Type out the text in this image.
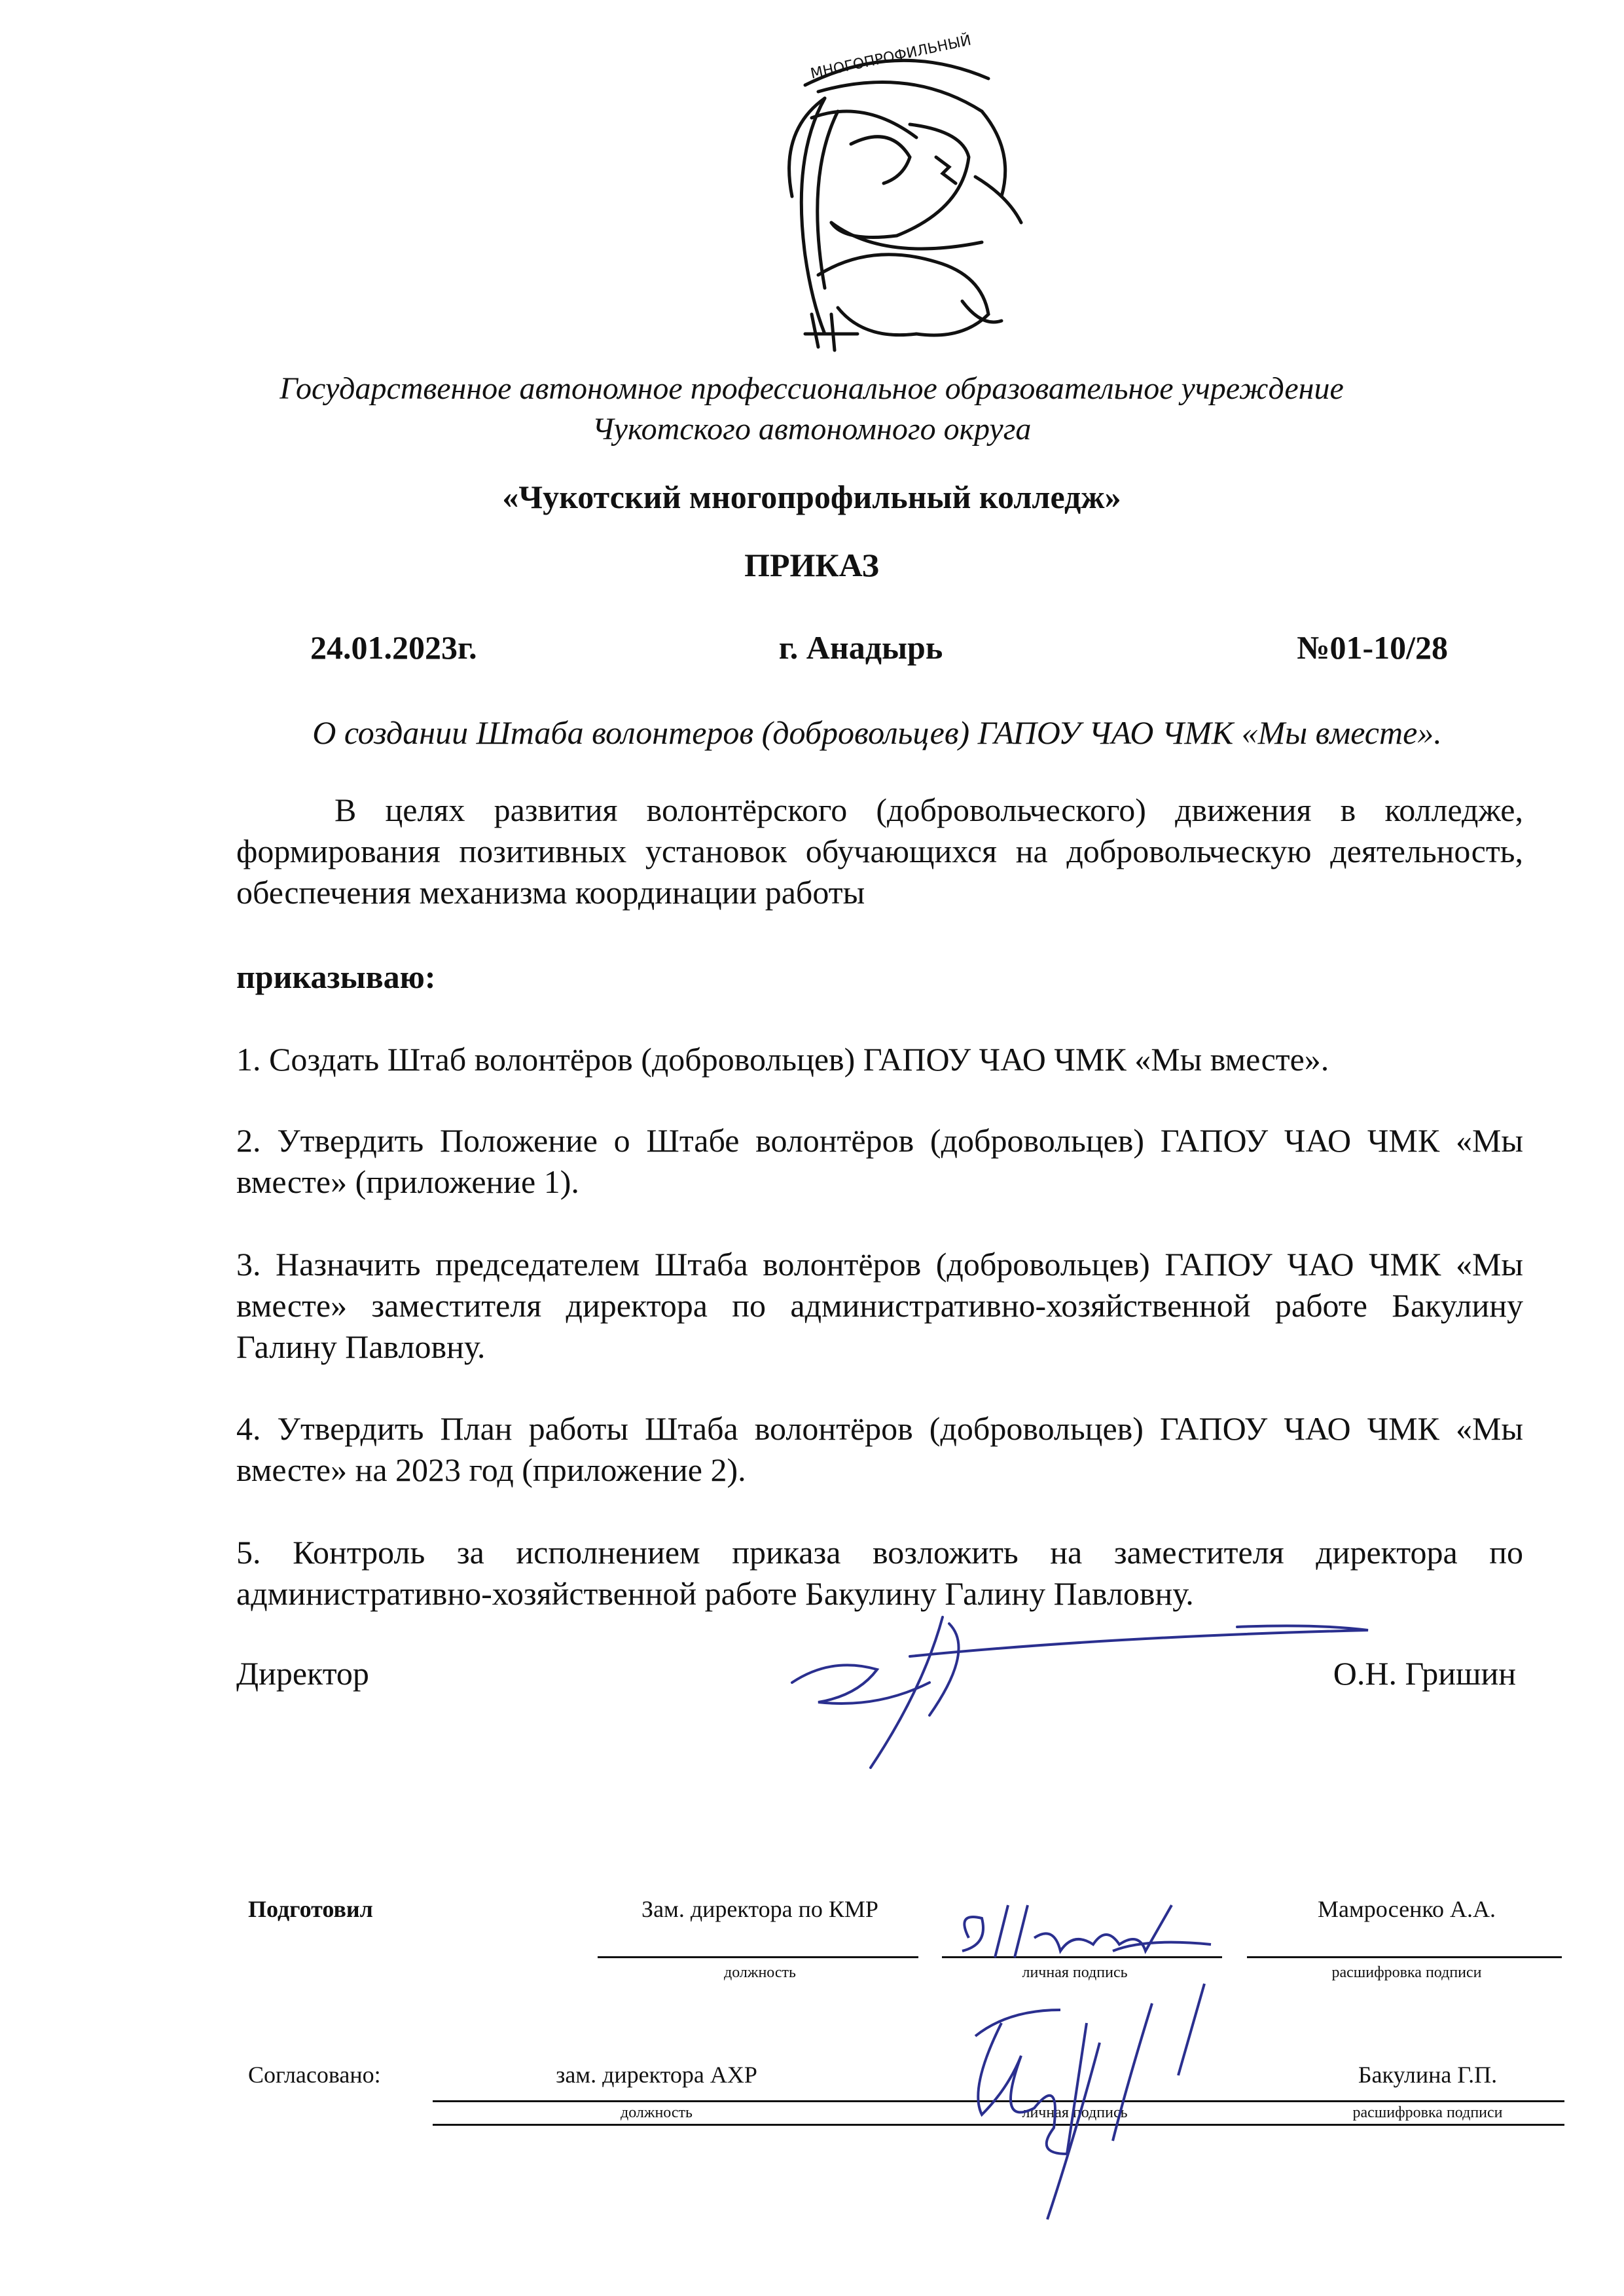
МНОГОПРОФИЛЬНЫЙ
Государственное автономное профессиональное образовательное учреждение
Чукотского автономного округа
«Чукотский многопрофильный колледж»
ПРИКАЗ
24.01.2023г.	г. Анадырь	№01-10/28
О создании Штаба волонтеров (добровольцев) ГАПОУ ЧАО ЧМК «Мы вместе».
В целях развития волонтёрского (добровольческого) движения в колледже, формирования позитивных установок обучающихся на добровольческую деятельность, обеспечения механизма координации работы
приказываю:
1. Создать Штаб волонтёров (добровольцев) ГАПОУ ЧАО ЧМК «Мы вместе».
2. Утвердить Положение о Штабе волонтёров (добровольцев) ГАПОУ ЧАО ЧМК «Мы вместе» (приложение 1).
3. Назначить председателем Штаба волонтёров (добровольцев) ГАПОУ ЧАО ЧМК «Мы вместе» заместителя директора по административно-хозяйственной работе Бакулину Галину Павловну.
4. Утвердить План работы Штаба волонтёров (добровольцев) ГАПОУ ЧАО ЧМК «Мы вместе» на 2023 год (приложение 2).
5. Контроль за исполнением приказа возложить на заместителя директора по административно-хозяйственной работе Бакулину Галину Павловну.
Директор	О.Н. Гришин
Подготовил	Зам. директора по КМР	Мамросенко А.А.
должность	личная подпись	расшифровка подписи
Согласовано:	зам. директора АХР	Бакулина Г.П.
должность	личная подпись	расшифровка подписи
